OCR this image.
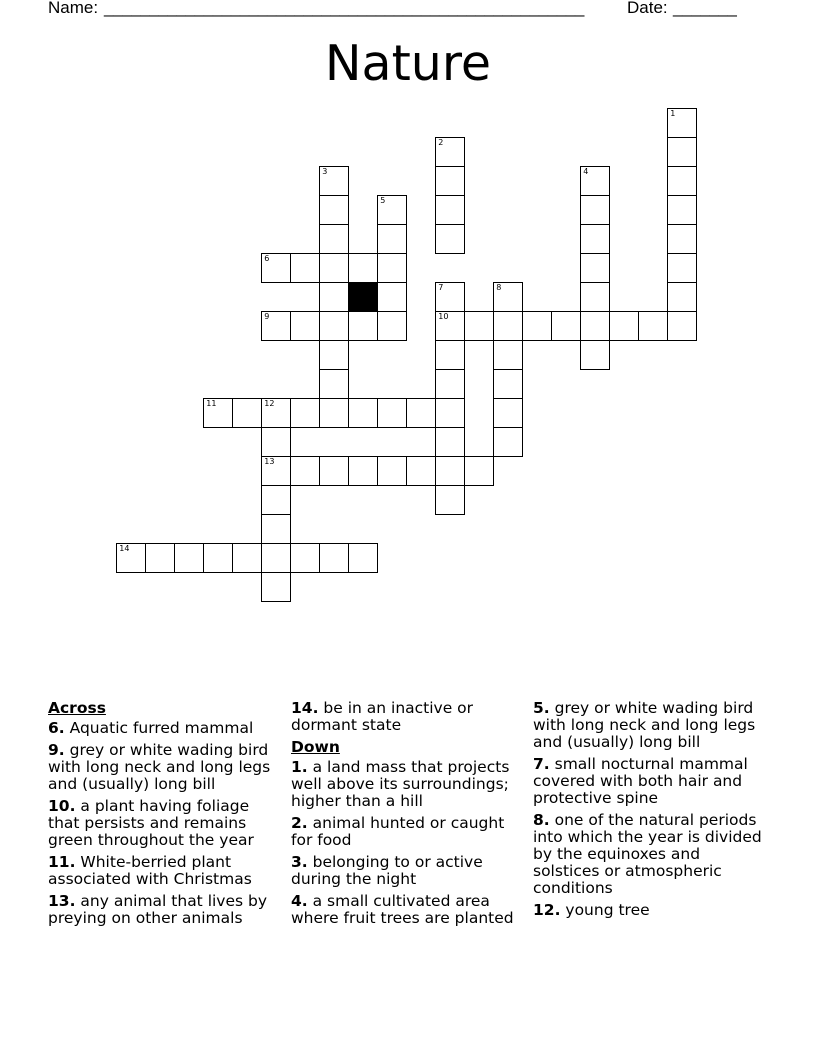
Name: _____________________________________________________	Date: _______
Nature
1
2
3	4
5
6
7
10
8
9
11	12
13
14
Across
6. Aquatic furred mammal
9. grey or white wading bird with long neck and long legs and (usually) long bill
10. a plant having foliage that persists and remains green throughout the year
11. White-berried plant associated with Christmas
13. any animal that lives by preying on other animals
14. be in an inactive or dormant state
Down
1. a land mass that projects well above its surroundings; higher than a hill
2. animal hunted or caught for food
3. belonging to or active during the night
4. a small cultivated area where fruit trees are planted
5. grey or white wading bird with long neck and long legs and (usually) long bill
7. small nocturnal mammal covered with both hair and protective spine
8. one of the natural periods into which the year is divided by the equinoxes and solstices or atmospheric conditions
12. young tree
